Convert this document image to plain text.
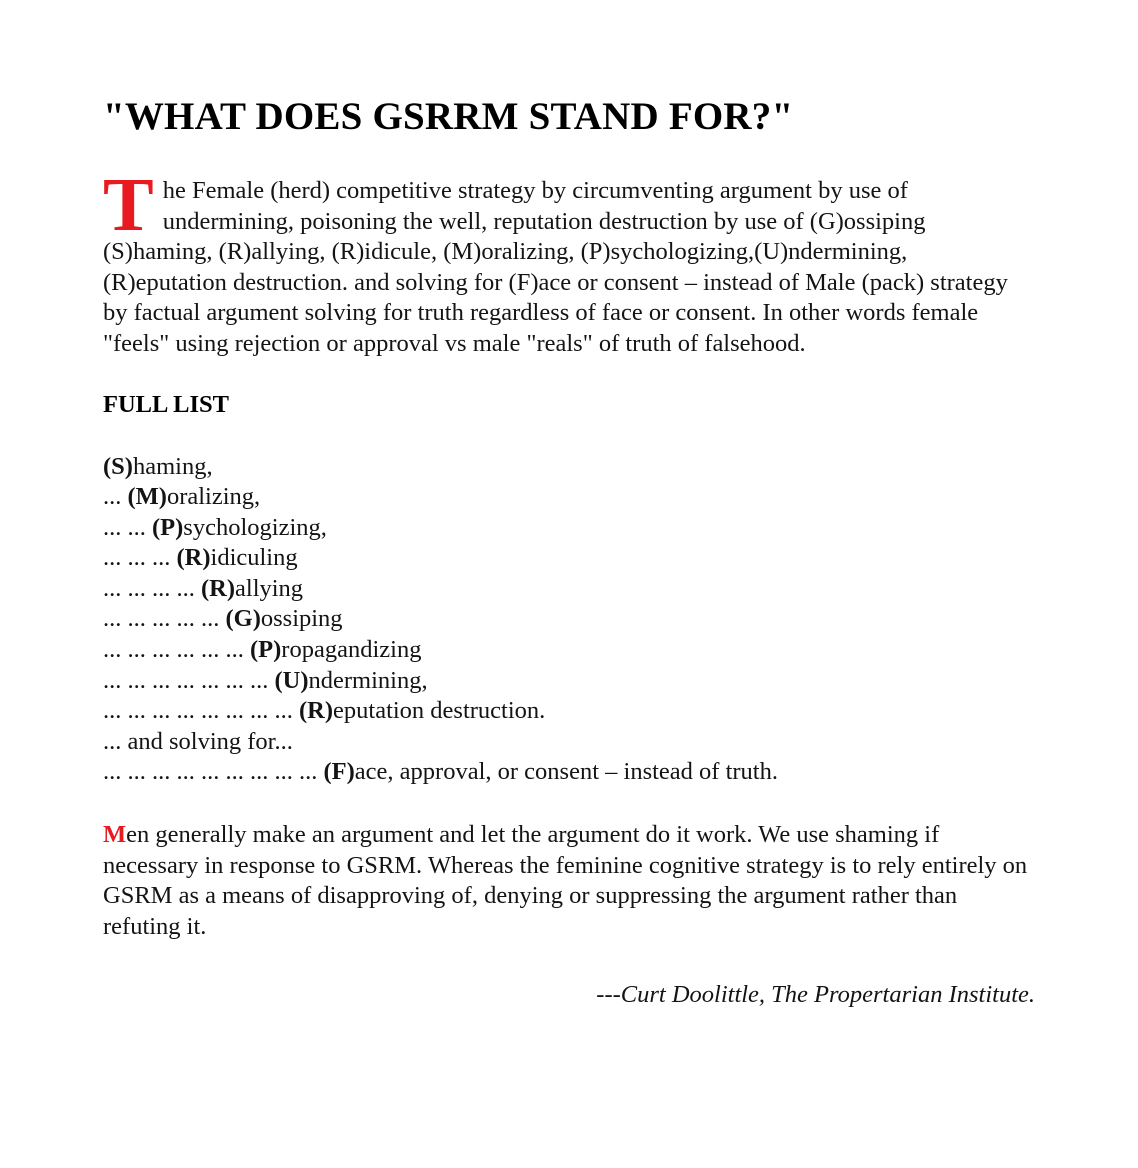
"WHAT DOES GSRRM STAND FOR?"

The Female (herd) competitive strategy by circumventing argument by use of undermining, poisoning the well, reputation destruction by use of (G)ossiping (S)haming, (R)allying, (R)idicule, (M)oralizing, (P)sychologizing,(U)ndermining, (R)eputation destruction. and solving for (F)ace or consent – instead of Male (pack) strategy by factual argument solving for truth regardless of face or consent. In other words female "feels" using rejection or approval vs male "reals" of truth of falsehood.

FULL LIST
(S)haming,
... (M)oralizing,
... ... (P)sychologizing,
... ... ... (R)idiculing
... ... ... ... (R)allying
... ... ... ... ... (G)ossiping
... ... ... ... ... ... (P)ropagandizing
... ... ... ... ... ... ... (U)ndermining,
... ... ... ... ... ... ... ... (R)eputation destruction.
... and solving for...
... ... ... ... ... ... ... ... ... (F)ace, approval, or consent – instead of truth.

Men generally make an argument and let the argument do it work. We use shaming if necessary in response to GSRM. Whereas the feminine cognitive strategy is to rely entirely on GSRM as a means of disapproving of, denying or suppressing the argument rather than refuting it.

---Curt Doolittle, The Propertarian Institute.
